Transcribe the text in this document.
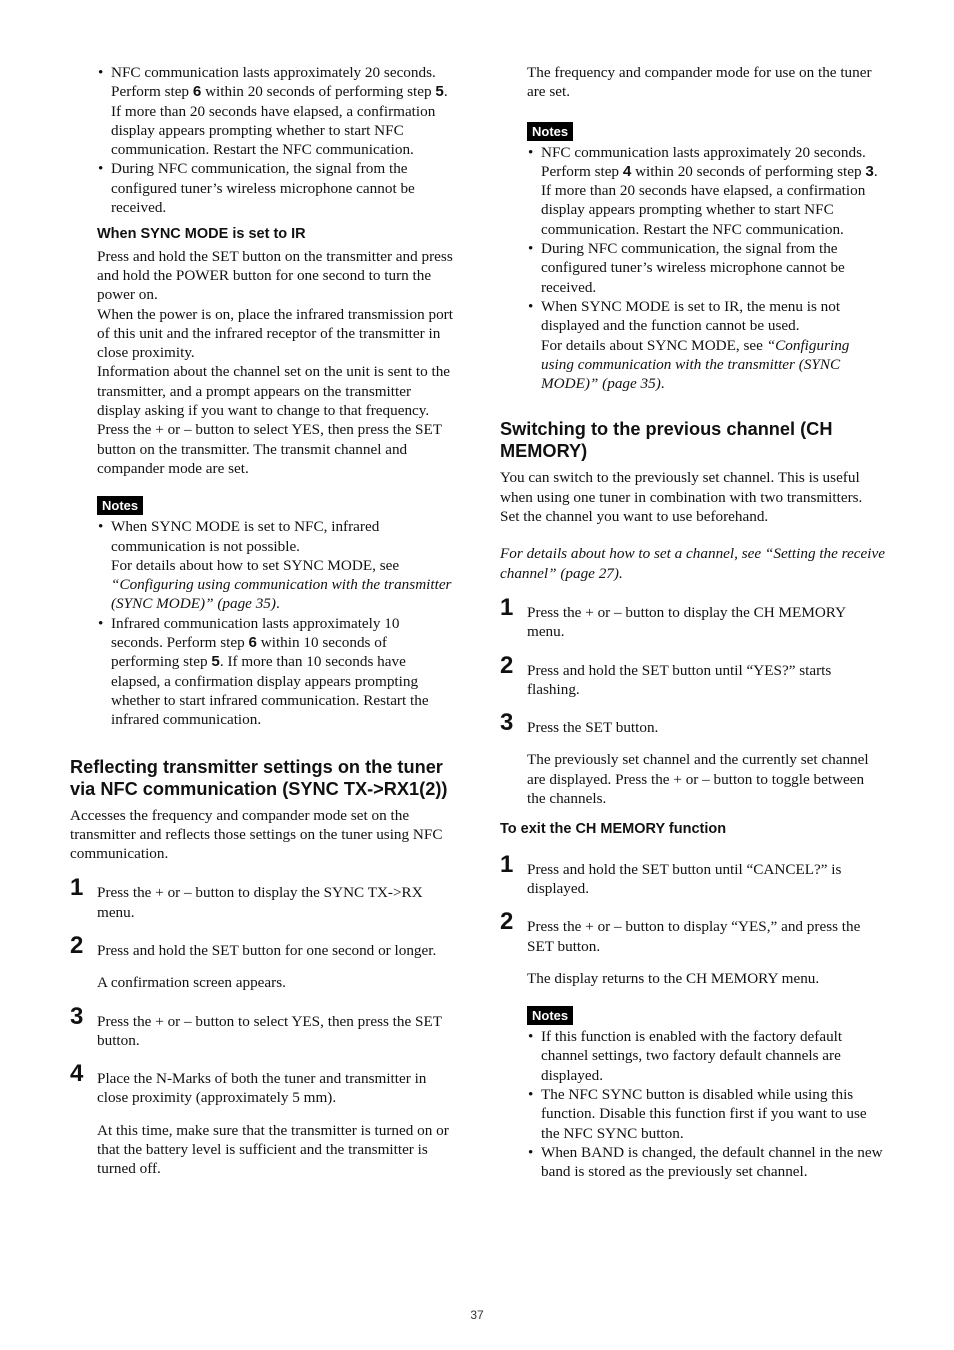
• NFC communication lasts approximately 20 seconds. Perform step 6 within 20 seconds of performing step 5. If more than 20 seconds have elapsed, a confirmation display appears prompting whether to start NFC communication. Restart the NFC communication.
• During NFC communication, the signal from the configured tuner’s wireless microphone cannot be received.

When SYNC MODE is set to IR

Press and hold the SET button on the transmitter and press and hold the POWER button for one second to turn the power on.

When the power is on, place the infrared transmission port of this unit and the infrared receptor of the transmitter in close proximity.

Information about the channel set on the unit is sent to the transmitter, and a prompt appears on the transmitter display asking if you want to change to that frequency.

Press the + or – button to select YES, then press the SET button on the transmitter. The transmit channel and compander mode are set.

Notes
• When SYNC MODE is set to NFC, infrared communication is not possible.
For details about how to set SYNC MODE, see “Configuring using communication with the transmitter (SYNC MODE)” (page 35).
• Infrared communication lasts approximately 10 seconds. Perform step 6 within 10 seconds of performing step 5. If more than 10 seconds have elapsed, a confirmation display appears prompting whether to start infrared communication. Restart the infrared communication.
Reflecting transmitter settings on the tuner via NFC communication (SYNC TX->RX1(2))

Accesses the frequency and compander mode set on the transmitter and reflects those settings on the tuner using NFC communication.

1 Press the + or – button to display the SYNC TX->RX menu.

2 Press and hold the SET button for one second or longer.

A confirmation screen appears.

3 Press the + or – button to select YES, then press the SET button.

4 Place the N-Marks of both the tuner and transmitter in close proximity (approximately 5 mm).

At this time, make sure that the transmitter is turned on or that the battery level is sufficient and the transmitter is turned off.

The frequency and compander mode for use on the tuner are set.

Notes
• NFC communication lasts approximately 20 seconds. Perform step 4 within 20 seconds of performing step 3. If more than 20 seconds have elapsed, a confirmation display appears prompting whether to start NFC communication. Restart the NFC communication.
• During NFC communication, the signal from the configured tuner’s wireless microphone cannot be received.
• When SYNC MODE is set to IR, the menu is not displayed and the function cannot be used.
For details about SYNC MODE, see “Configuring using communication with the transmitter (SYNC MODE)” (page 35).
Switching to the previous channel (CH MEMORY)

You can switch to the previously set channel. This is useful when using one tuner in combination with two transmitters.

Set the channel you want to use beforehand.

For details about how to set a channel, see “Setting the receive channel” (page 27).

1 Press the + or – button to display the CH MEMORY menu.

2 Press and hold the SET button until “YES?” starts flashing.

3 Press the SET button.

The previously set channel and the currently set channel are displayed. Press the + or – button to toggle between the channels.

To exit the CH MEMORY function

1 Press and hold the SET button until “CANCEL?” is displayed.

2 Press the + or – button to display “YES,” and press the SET button.

The display returns to the CH MEMORY menu.

Notes
• If this function is enabled with the factory default channel settings, two factory default channels are displayed.
• The NFC SYNC button is disabled while using this function. Disable this function first if you want to use the NFC SYNC button.
• When BAND is changed, the default channel in the new band is stored as the previously set channel.
37
